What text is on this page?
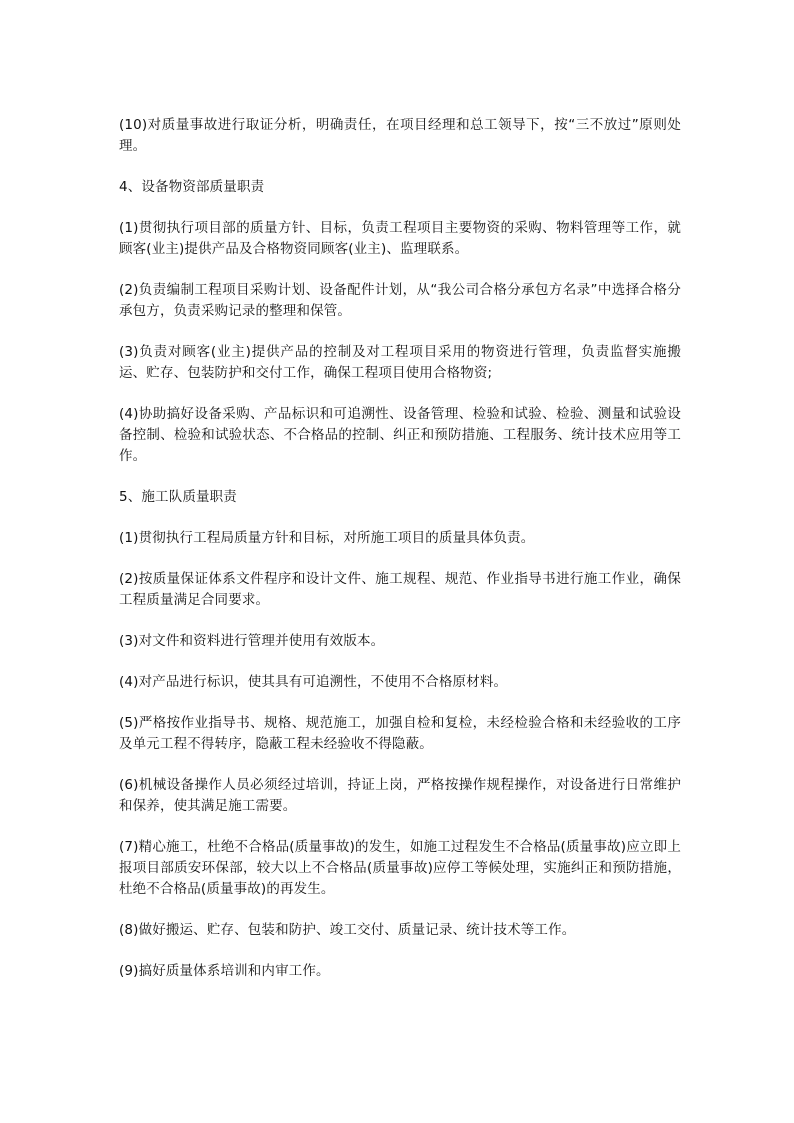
(10)对质量事故进行取证分析，明确责任，在项目经理和总工领导下，按“三不放过”原则处理。

4、设备物资部质量职责

(1)贯彻执行项目部的质量方针、目标，负责工程项目主要物资的采购、物料管理等工作，就顾客(业主)提供产品及合格物资同顾客(业主)、监理联系。

(2)负责编制工程项目采购计划、设备配件计划，从“我公司合格分承包方名录”中选择合格分承包方，负责采购记录的整理和保管。

(3)负责对顾客(业主)提供产品的控制及对工程项目采用的物资进行管理，负责监督实施搬运、贮存、包装防护和交付工作，确保工程项目使用合格物资;

(4)协助搞好设备采购、产品标识和可追溯性、设备管理、检验和试验、检验、测量和试验设备控制、检验和试验状态、不合格品的控制、纠正和预防措施、工程服务、统计技术应用等工作。

5、施工队质量职责

(1)贯彻执行工程局质量方针和目标，对所施工项目的质量具体负责。

(2)按质量保证体系文件程序和设计文件、施工规程、规范、作业指导书进行施工作业，确保工程质量满足合同要求。

(3)对文件和资料进行管理并使用有效版本。

(4)对产品进行标识，使其具有可追溯性，不使用不合格原材料。

(5)严格按作业指导书、规格、规范施工，加强自检和复检，未经检验合格和未经验收的工序及单元工程不得转序，隐蔽工程未经验收不得隐蔽。

(6)机械设备操作人员必须经过培训，持证上岗，严格按操作规程操作，对设备进行日常维护和保养，使其满足施工需要。

(7)精心施工，杜绝不合格品(质量事故)的发生，如施工过程发生不合格品(质量事故)应立即上报项目部质安环保部，较大以上不合格品(质量事故)应停工等候处理，实施纠正和预防措施，杜绝不合格品(质量事故)的再发生。

(8)做好搬运、贮存、包装和防护、竣工交付、质量记录、统计技术等工作。

(9)搞好质量体系培训和内审工作。
